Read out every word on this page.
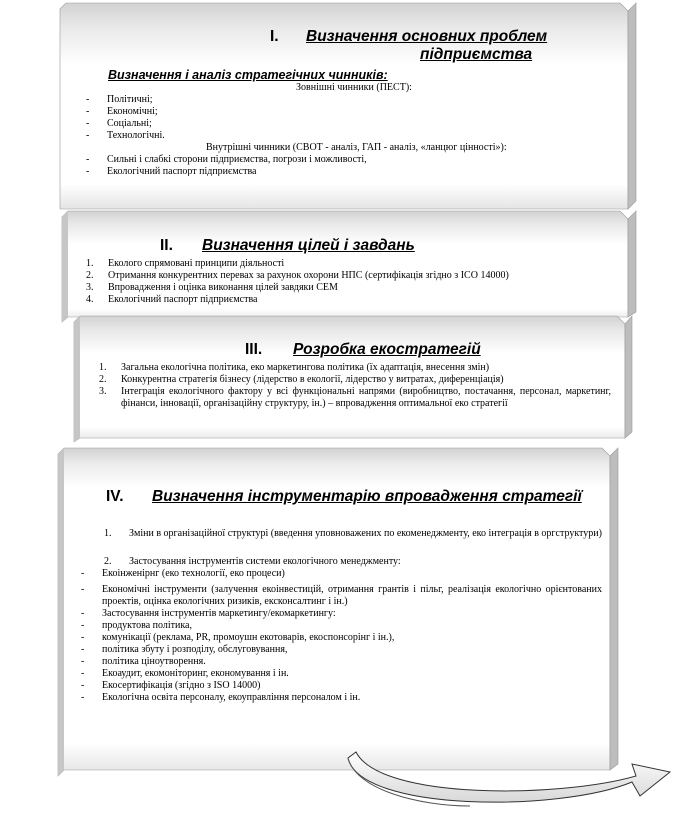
I. Визначення основних проблем
підприємства
Визначення і аналіз стратегічних чинників:
Зовнішні чинники (ПЕСТ):
- Політичні;
- Економічні;
- Соціальні;
- Технологічні.
Внутрішні чинники (СВОТ - аналіз, ГАП - аналіз, «ланцюг цінності»):
- Сильні і слабкі сторони підприємства, погрози і можливості,
- Екологічний паспорт підприємства
II. Визначення цілей і завдань
1. Еколого спрямовані принципи діяльності
2. Отримання конкурентних перевах за рахунок охорони НПС (сертифікація згідно з ICO 14000)
3. Впровадження і оцінка виконання цілей завдяки СЕМ
4. Екологічний паспорт підприємства
III. Розробка екостратегій
1. Загальна екологічна політика, еко маркетингова політика (їх адаптація, внесення змін)
2. Конкурентна стратегія бізнесу (лідерство в екології, лідерство у витратах, диференціація)
3. Інтеграція екологічного фактору у всі функціональні напрями (виробництво, постачання, персонал, маркетинг, фінанси, інновації, організаційну структуру, ін.) – впровадження оптимальної еко стратегії
IV. Визначення інструментарію впровадження стратегії
1. Зміни в організаційної структурі (введення уповноважених по екоменеджменту, еко інтеграція в оргструктури)
2. Застосування інструментів системи екологічного менеджменту:
- Екоінженірнг (еко технології, еко процеси)
- Економічні інструменти (залучення екоінвестицій, отримання грантів і пільг, реалізація екологічно орієнтованих проектів, оцінка екологічних ризиків, ексконсалтинг і ін.)
- Застосування інструментів маркетингу/екомаркетингу:
- продуктова політика,
- комунікації (реклама, PR, промоушн екотоварів, екоспонсорінг і ін.),
- політика збуту і розподілу, обслуговування,
- політика ціноутворення.
- Екоаудит, екомоніторинг, економування і ін.
- Екосертифікація (згідно з ISO 14000)
- Екологічна освіта персоналу, екоуправління персоналом і ін.
